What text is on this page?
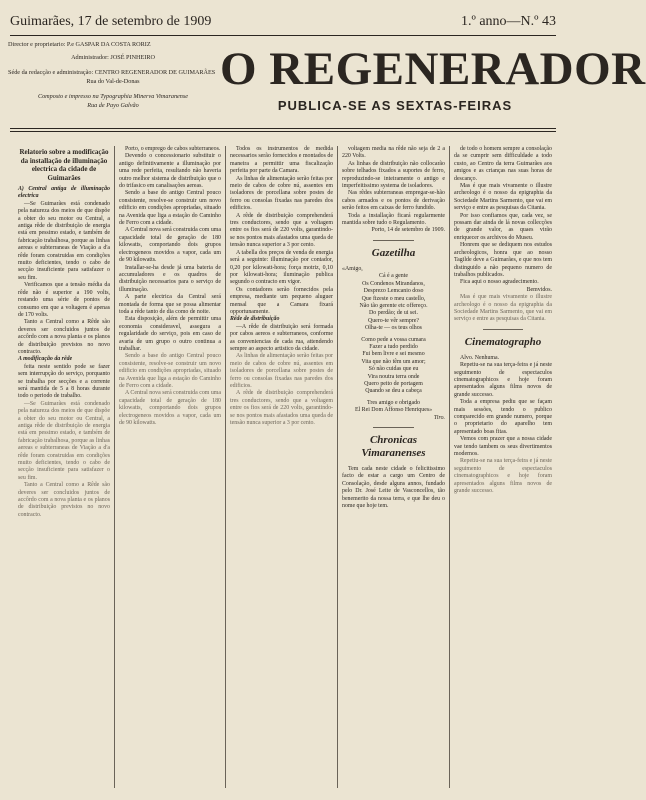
Guimarães, 17 de setembro de 1909	1.º anno—N.º 43
Director e proprietario: P.e GASPAR DA COSTA RORIZ
Administrador: JOSÉ PINHEIRO
Séde da redacção e administração: CENTRO REGENERADOR DE GUIMARÃES
Rua do Val-de-Donas
Composto e impresso na Typographia Minerva Vimaranense
Rua de Payo Galvão
O REGENERADOR
PUBLICA-SE AS SEXTAS-FEIRAS

Relatorio sobre a modificação da installação de illuminação electrica da cidade de Guimarães

A) Central antiga de illuminação electrica

—Se Guimarães está condenado pela natureza dos meios de que dispõe a obter do seu motor ou Central, a antiga rêde de distribuição de energia está em pessimo estado, e também de fabricação trabalhosa, porque as linhas aereas e subterraneas de Viação a d'a rêde foram construidas em condições muito deficientes, tendo o cabo de secção insuficiente para satisfazer o seu fim.

Verificamos que a tensão média da rêde não é superior a 190 volts, restando uma série de pontos de consumo em que a voltagem é apenas de 170 volts.

Tanto a Central como a Rêde são deveres ser concluidos juntos de accôrdo com a nova planta e os planos de distribuição previstos no novo contracto.

A modificação da rêde

feita neste sentido pode se fazer sem interrupção do serviço, porquanto se trabalha por secções e a corrente será mantida de 5 a 8 horas durante todo o periodo de trabalho.

—Se Guimarães está condenado pela natureza dos meios de que dispõe a obter do seu motor ou Central, a antiga rêde de distribuição de energia está em pessimo estado, e também de fabricação trabalhosa, porque as linhas aereas e subterraneas de Viação a d'a rêde foram construidas em condições muito deficientes, tendo o cabo de secção insuficiente para satisfazer o seu fim.

Tanto a Central como a Rêde são deveres ser concluidos juntos de accôrdo com a nova planta e os planos de distribuição previstos no novo contracto.

Porto, o emprego de cabos subterraneos.

Devendo o concessionario substituir o antigo definitivamente a illuminação por uma rede perfeita, resultando não haveria outro melhor sistema de distribuição que o do trifasico em canalisações aereas.

Sendo a base do antigo Central pouco consistente, resolve-se construir um novo edificio em condições apropriadas, situado na Avenida que liga a estação do Caminho de Ferro com a cidade.

A Central nova será construida com uma capacidade total de geração de 180 kilowatts, comportando dois grupos electrogeneos movidos a vapor, cada um de 90 kilowatts.

Installar-se-ha desde já uma bateria de accumuladores e os quadros de distribuição necessarios para o serviço de illuminação.

A parte electrica da Central será montada de forma que se possa alimentar toda a rêde tanto de dia como de noite.

Esta disposição, além de permittir uma economia consideravel, assegura a regularidade do serviço, pois em caso de avaria de um grupo o outro continua a trabalhar.

Sendo a base do antigo Central pouco consistente, resolve-se construir um novo edificio em condições apropriadas, situado na Avenida que liga a estação do Caminho de Ferro com a cidade.

A Central nova será construida com uma capacidade total de geração de 180 kilowatts, comportando dois grupos electrogeneos movidos a vapor, cada um de 90 kilowatts.

Todos os instrumentos de medida necessarios serão fornecidos e montados de maneira a permittir uma fiscalização perfeita por parte da Camara.

As linhas de alimentação serão feitas por meio de cabos de cobre nú, assentes em isoladores de porcellana sobre postes de ferro ou consolas fixadas nas paredes dos edificios.

A rêde de distribuição comprehenderá tres conductores, sendo que a voltagem entre os fios será de 220 volts, garantindo-se nos pontos mais afastados uma queda de tensão nunca superior a 3 por cento.

A tabella dos preços de venda de energia será a seguinte: illuminação por contador, 0,20 por kilowatt-hora; força motriz, 0,10 por kilowatt-hora; iluminação publica segundo o contracto em vigor.

Os contadores serão fornecidos pela empresa, mediante um pequeno aluguer mensal que a Camara fixará opportunamente.

Rêde de distribuição

—A rêde de distribuição será formada por cabos aereos e subterraneos, conforme as conveniencias de cada rua, attendendo sempre ao aspecto artistico da cidade.

As linhas de alimentação serão feitas por meio de cabos de cobre nú, assentes em isoladores de porcellana sobre postes de ferro ou consolas fixadas nas paredes dos edificios.

A rêde de distribuição comprehenderá tres conductores, sendo que a voltagem entre os fios será de 220 volts, garantindo-se nos pontos mais afastados uma queda de tensão nunca superior a 3 por cento.

voltagem media na rêde não seja de 2 a 220 Volts.

As linhas de distribuição não collocarão sobre telhados fixados a suportes de ferro, reproduzindo-se inteiramente o antigo e imperfeitissimo systema de isoladores.

Nas rêdes subterraneas empregar-se-hão cabos armados e os pontos de derivação serão feitos em caixas de ferro fundido.

Toda a installação ficará regularmente mantida sobre tudo o Regulamento.

Porto, 14 de setembro de 1909.

Gazetilha

«Amigo,

Cá é a gente

Os Condenos Mirandanos,

Desprezo Lemcanio doso

Que fizeste o meu castello,

Não tão gerente etc offereço.

Do perdão; de ui sei.

Quero-te vêr sempre?

Olha-te — os teus olhos

Como pede a vossa cumara

Fazer a tudo perdido

Fui bem livre e sei mesmo

Vita que não têm um amor;

Só não cuidas que eu

Vira noutra terra onde

Quero peito de portagem

Quando se deu a cabeça

Tres amigo e obrigado

El Rei Dom Affonso Henriques»

Tiro.

Chronicas Vimaranenses

Tem cada neste cidade o felicitissimo facto de estar a cargo um Centro de Consolação, desde alguns annos, fundado pelo Dr. José Leite de Vasconcellos, tão benemerito da nossa terra, e que lhe deu o nome que hoje tem.

de todo o homem sempre a consolação da se cumprir sem difficuldade a todo custo, ao Centro da terra Guimarães aos amigos e as crianças nas suas horas de descanço.

Mas é que mais vivamente o illustre archeologo é o nosso da epigraphia da Sociedade Martins Sarmento, que vai em serviço e entre as pesquisas da Citania.

Por isso confiamos que, cada vez, se possam dar ainda de lá novas collecções de grande valor, as quaes virão enriquecer os archivos do Museu.

Honrem que se dediquem nos estudos archeologicos, honra que ao nosso Tagilde deve a Guimarães, e que nos tem distinguido a não pequeno numero de trabalhos publicados.

Fica aqui o nosso agradecimento.

Bemvidos.

Mas é que mais vivamente o illustre archeologo é o nosso da epigraphia da Sociedade Martins Sarmento, que vai em serviço e entre as pesquisas da Citania.

Cinematographo

Alvo. Nenhuma.

Repetiu-se na sua terça-feira e já neste seguimento de espectaculos cinematographicos e hoje foram apresentados alguns films novos de grande successo.

Toda a empresa pediu que se façam mais sessões, tendo o publico comparecido em grande numero, porque o proprietario do aparelho tem apresentado boas fitas.

Vemos com prazer que a nossa cidade vae tendo tambem os seus divertimentos modernos.

Repetiu-se na sua terça-feira e já neste seguimento de espectaculos cinematographicos e hoje foram apresentados alguns films novos de grande successo.
